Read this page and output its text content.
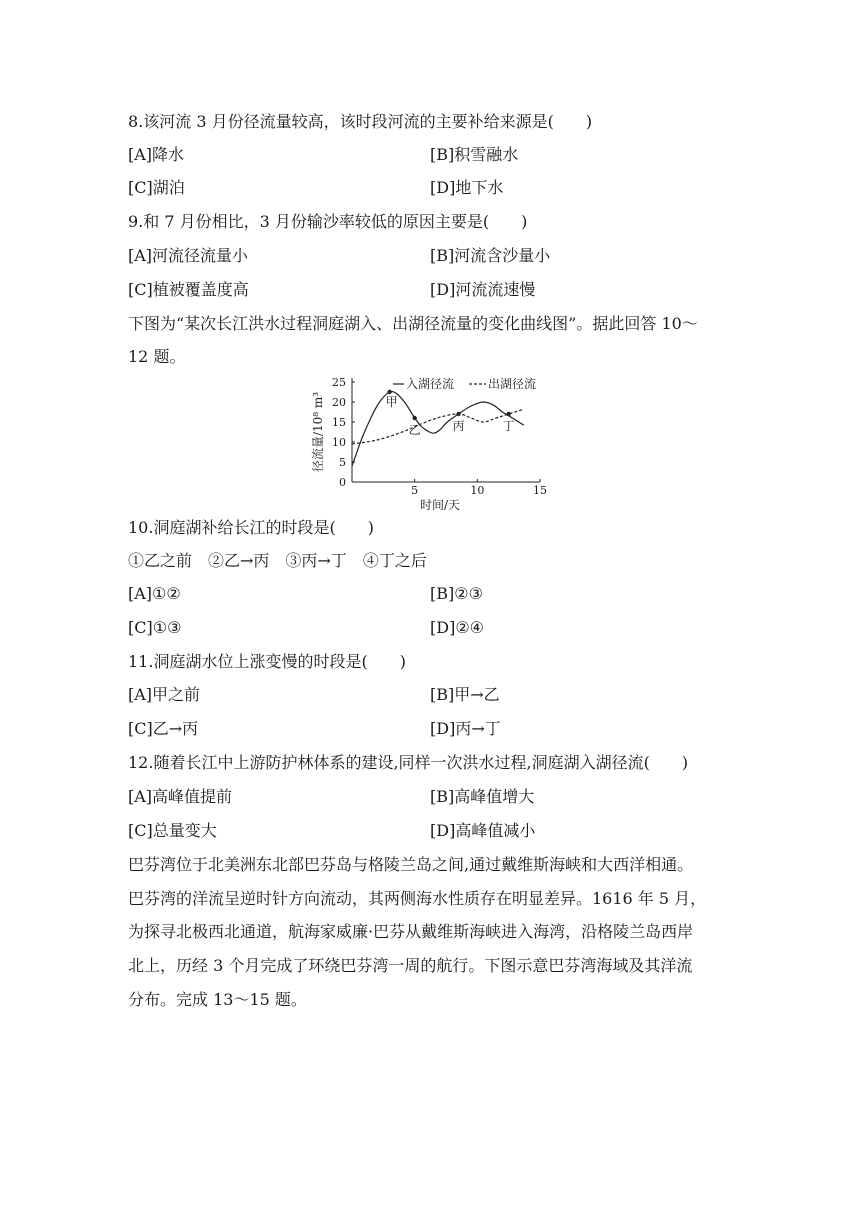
8.该河流 3 月份径流量较高，该时段河流的主要补给来源是(　　)
[A]降水	[B]积雪融水
[C]湖泊	[D]地下水
9.和 7 月份相比，3 月份输沙率较低的原因主要是(　　)
[A]河流径流量小	[B]河流含沙量小
[C]植被覆盖度高	[D]河流流速慢
下图为“某次长江洪水过程洞庭湖入、出湖径流量的变化曲线图”。据此回答 10～
12 题。
5	10	15
0
5
10
15
20
25
甲
乙	丙	丁
入湖径流	出湖径流
时间/天
径流量/10⁸ m³
10.洞庭湖补给长江的时段是(　　)
①乙之前　②乙→丙　③丙→丁　④丁之后
[A]①②	[B]②③
[C]①③	[D]②④
11.洞庭湖水位上涨变慢的时段是(　　)
[A]甲之前	[B]甲→乙
[C]乙→丙	[D]丙→丁
12.随着长江中上游防护林体系的建设,同样一次洪水过程,洞庭湖入湖径流(　　)
[A]高峰值提前	[B]高峰值增大
[C]总量变大	[D]高峰值减小
巴芬湾位于北美洲东北部巴芬岛与格陵兰岛之间,通过戴维斯海峡和大西洋相通。
巴芬湾的洋流呈逆时针方向流动，其两侧海水性质存在明显差异。1616 年 5 月，
为探寻北极西北通道，航海家威廉·巴芬从戴维斯海峡进入海湾，沿格陵兰岛西岸
北上，历经 3 个月完成了环绕巴芬湾一周的航行。下图示意巴芬湾海域及其洋流
分布。完成 13～15 题。
